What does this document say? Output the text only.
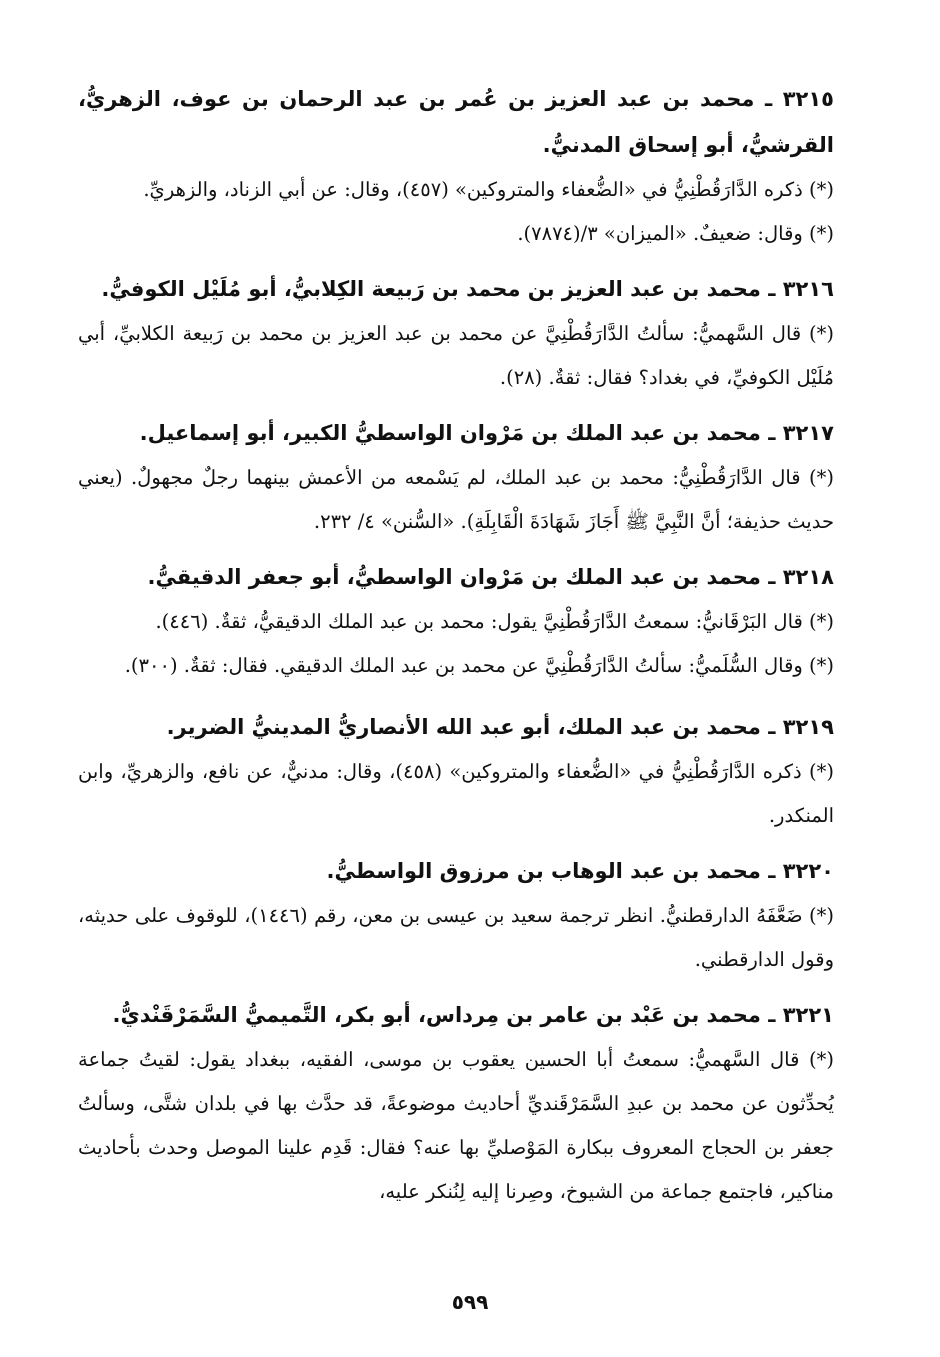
٣٢١٥ ـ محمد بن عبد العزيز بن عُمر بن عبد الرحمان بن عوف، الزهريُّ، القرشيُّ، أبو إسحاق المدنيُّ.

(*) ذكره الدَّارَقُطْنِيُّ في «الضُّعفاء والمتروكين» (٤٥٧)، وقال: عن أبي الزناد، والزهريِّ.

(*) وقال: ضعيفٌ. «الميزان» ٣/(٧٨٧٤).

٣٢١٦ ـ محمد بن عبد العزيز بن محمد بن رَبيعة الكِلابيُّ، أبو مُلَيْل الكوفيُّ.

(*) قال السَّهميُّ: سألتُ الدَّارَقُطْنِيَّ عن محمد بن عبد العزيز بن محمد بن رَبيعة الكلابيِّ، أبي مُلَيْل الكوفيِّ، في بغداد؟ فقال: ثقةٌ. (٢٨).

٣٢١٧ ـ محمد بن عبد الملك بن مَرْوان الواسطيُّ الكبير، أبو إسماعيل.

(*) قال الدَّارَقُطْنِيُّ: محمد بن عبد الملك، لم يَسْمعه من الأعمش بينهما رجلٌ مجهولٌ. (يعني حديث حذيفة؛ أنَّ النَّبِيَّ ﷺ أَجَازَ شَهَادَةَ الْقَابِلَةِ). «السُّنن» ٤/ ٢٣٢.

٣٢١٨ ـ محمد بن عبد الملك بن مَرْوان الواسطيُّ، أبو جعفر الدقيقيُّ.

(*) قال البَرْقَانيُّ: سمعتُ الدَّارَقُطْنِيَّ يقول: محمد بن عبد الملك الدقيقيُّ، ثقةٌ. (٤٤٦).

(*) وقال السُّلَميُّ: سألتُ الدَّارَقُطْنِيَّ عن محمد بن عبد الملك الدقيقي. فقال: ثقةٌ. (٣٠٠).

٣٢١٩ ـ محمد بن عبد الملك، أبو عبد الله الأنصاريُّ المدينيُّ الضرير.

(*) ذكره الدَّارَقُطْنِيُّ في «الضُّعفاء والمتروكين» (٤٥٨)، وقال: مدنيٌّ، عن نافع، والزهريِّ، وابن المنكدر.

٣٢٢٠ ـ محمد بن عبد الوهاب بن مرزوق الواسطيُّ.

(*) ضَعَّفَهُ الدارقطنيُّ. انظر ترجمة سعيد بن عيسى بن معن، رقم (١٤٤٦)، للوقوف على حديثه، وقول الدارقطني.

٣٢٢١ ـ محمد بن عَبْد بن عامر بن مِرداس، أبو بكر، التَّميميُّ السَّمَرْقَنْديُّ.

(*) قال السَّهميُّ: سمعتُ أبا الحسين يعقوب بن موسى، الفقيه، ببغداد يقول: لقيتُ جماعة يُحدِّثون عن محمد بن عبدِ السَّمَرْقَنديِّ أحاديث موضوعةً، قد حدَّث بها في بلدان شتَّى، وسألتُ جعفر بن الحجاج المعروف ببكارة المَوْصليِّ بها عنه؟ فقال: قَدِم علينا الموصل وحدث بأحاديث مناكير، فاجتمع جماعة من الشيوخ، وصِرنا إليه لِنُنكر عليه،

٥٩٩
